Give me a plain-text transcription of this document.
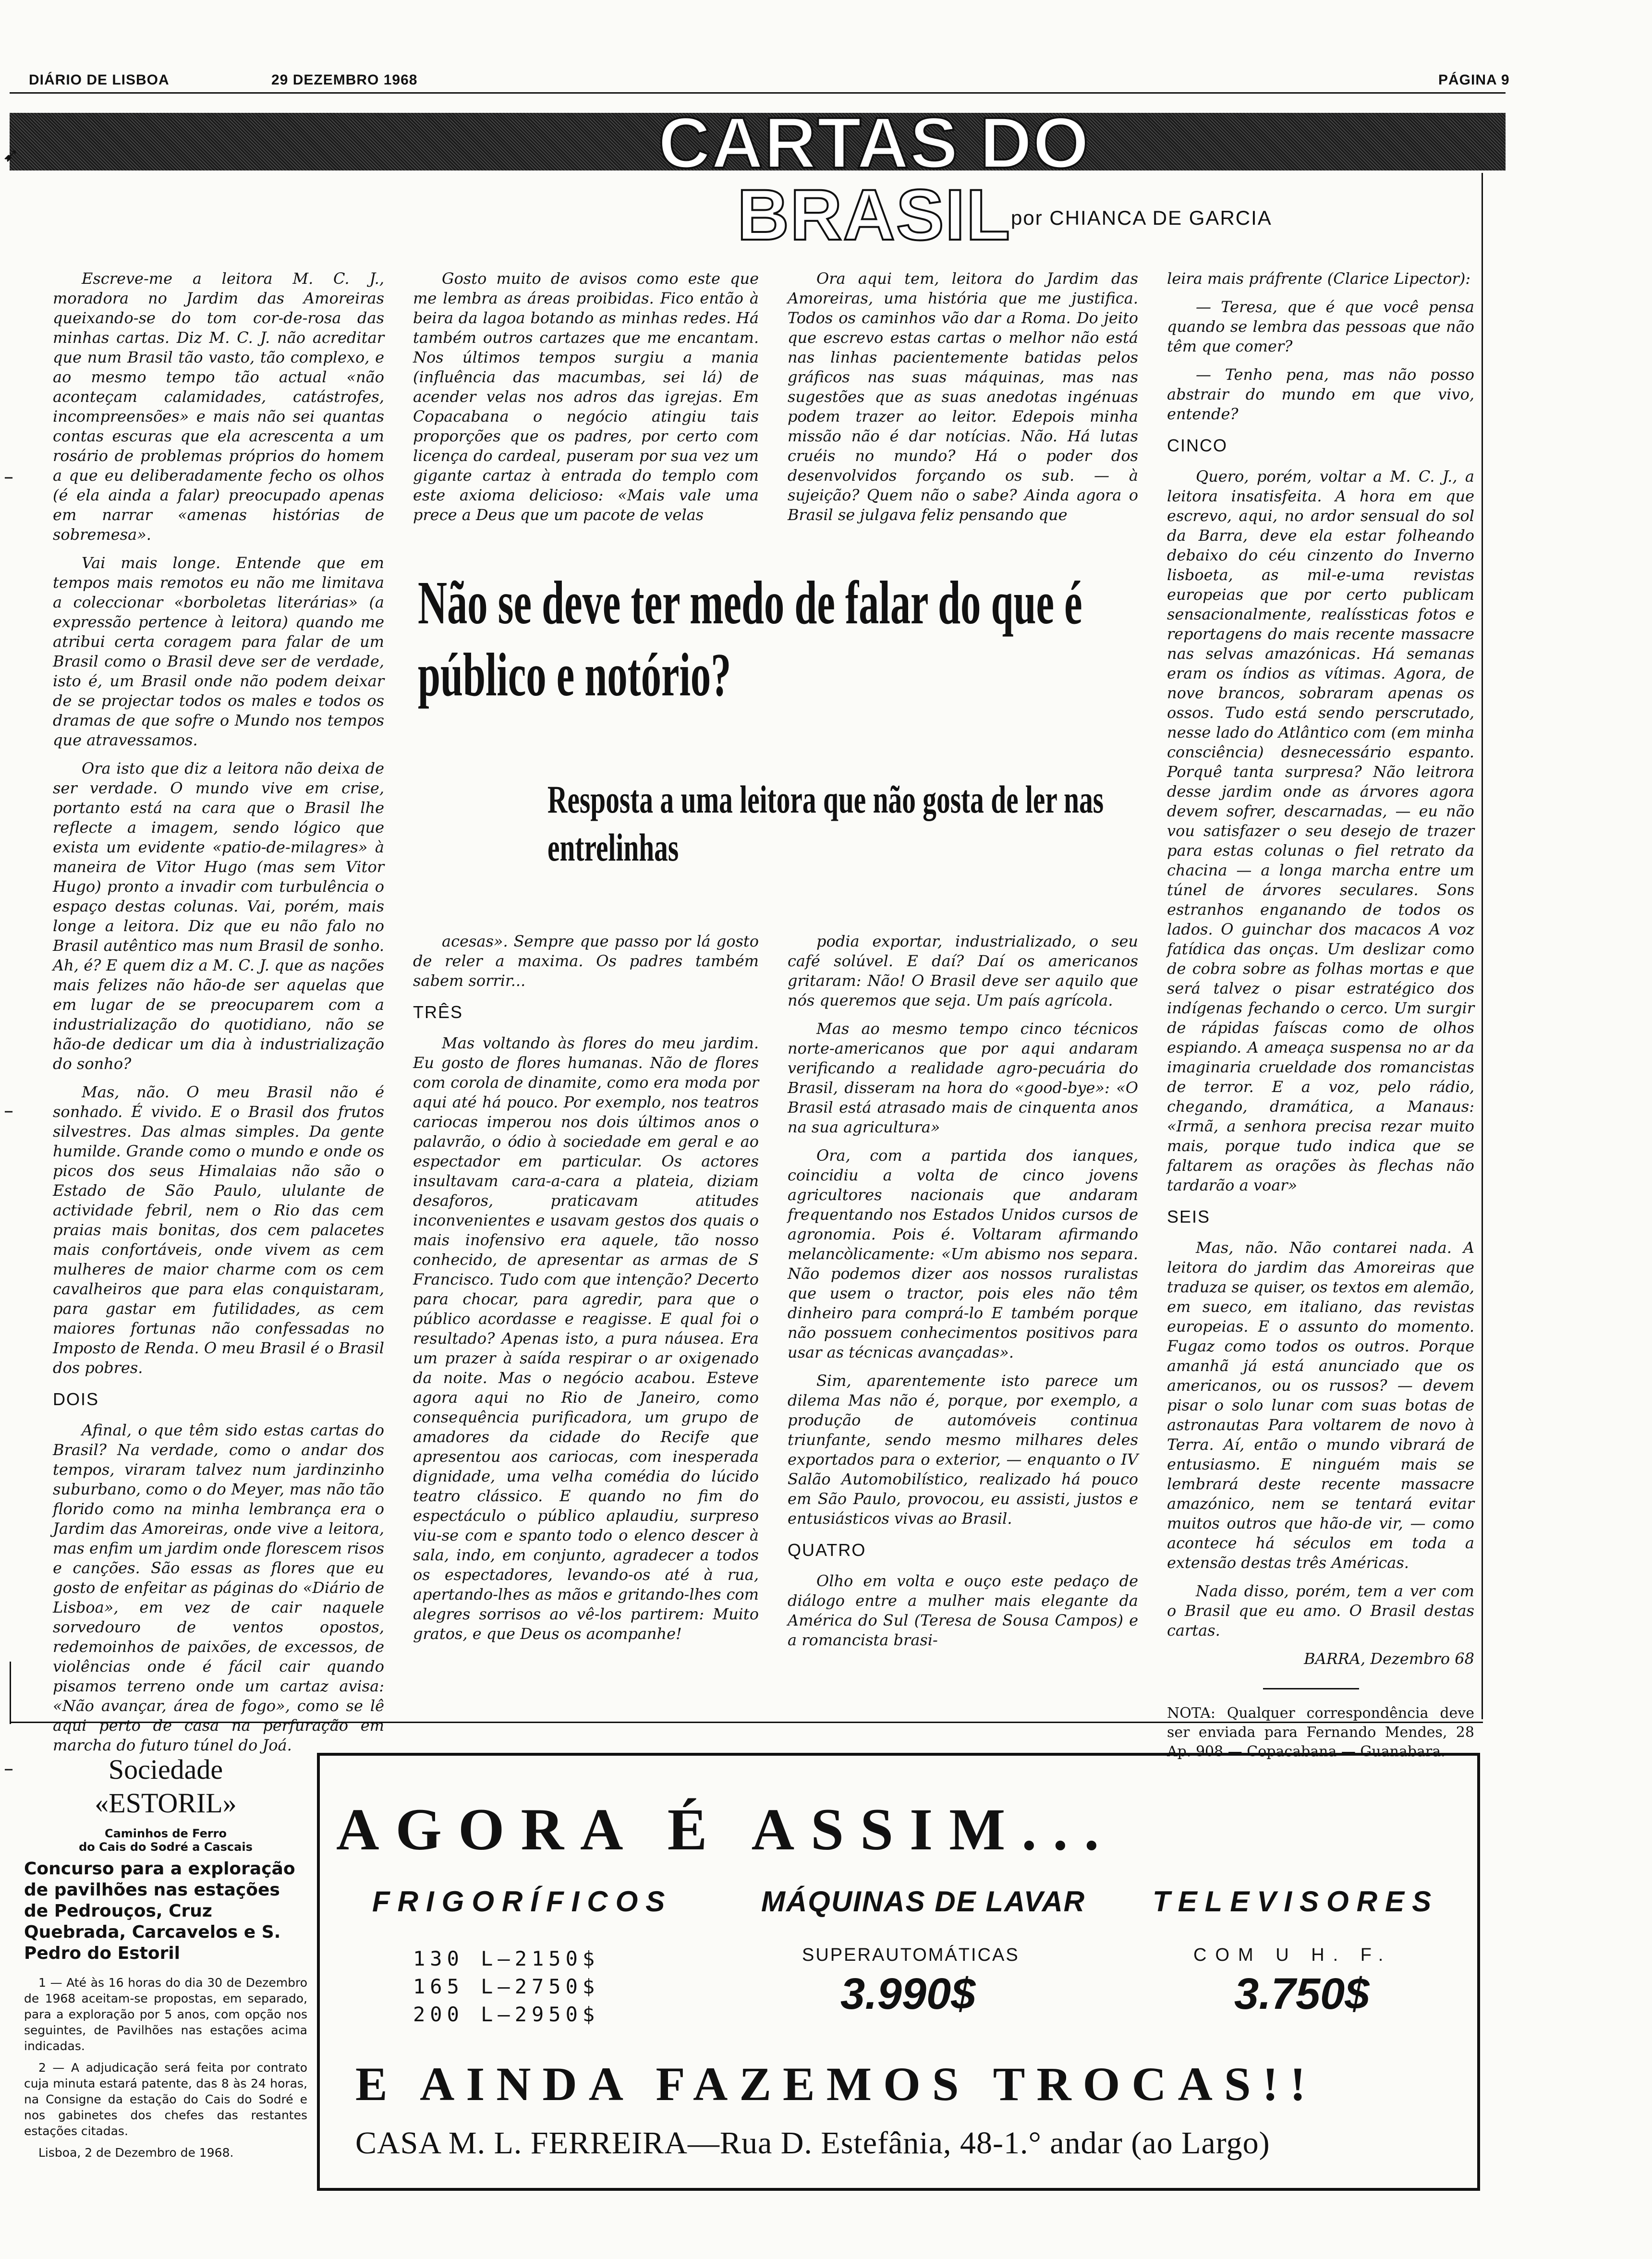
DIÁRIO DE LISBOA	29 DEZEMBRO 1968	PÁGINA 9
CARTAS DO BRASIL por CHIANCA DE GARCIA

Escreve-me a leitora M. C. J., moradora no Jardim das Amoreiras queixando-se do tom cor-de-rosa das minhas cartas. Diz M. C. J. não acreditar que num Brasil tão vasto, tão complexo, e ao mesmo tempo tão actual «não aconteçam calamidades, catástrofes, incompreensões» e mais não sei quantas contas escuras que ela acrescenta a um rosário de problemas próprios do homem a que eu deliberadamente fecho os olhos (é ela ainda a falar) preocupado apenas em narrar «amenas histórias de sobremesa».

Vai mais longe. Entende que em tempos mais remotos eu não me limitava a coleccionar «borboletas literárias» (a expressão pertence à leitora) quando me atribui certa coragem para falar de um Brasil como o Brasil deve ser de verdade, isto é, um Brasil onde não podem deixar de se projectar todos os males e todos os dramas de que sofre o Mundo nos tempos que atravessamos.

Ora isto que diz a leitora não deixa de ser verdade. O mundo vive em crise, portanto está na cara que o Brasil lhe reflecte a imagem, sendo lógico que exista um evidente «patio-de-milagres» à maneira de Vitor Hugo (mas sem Vitor Hugo) pronto a invadir com turbulência o espaço destas colunas. Vai, porém, mais longe a leitora. Diz que eu não falo no Brasil autêntico mas num Brasil de sonho. Ah, é? E quem diz a M. C. J. que as nações mais felizes não hão-de ser aquelas que em lugar de se preocuparem com a industrialização do quotidiano, não se hão-de dedicar um dia à industrialização do sonho?

Mas, não. O meu Brasil não é sonhado. É vivido. E o Brasil dos frutos silvestres. Das almas simples. Da gente humilde. Grande como o mundo e onde os picos dos seus Himalaias não são o Estado de São Paulo, ululante de actividade febril, nem o Rio das cem praias mais bonitas, dos cem palacetes mais confortáveis, onde vivem as cem mulheres de maior charme com os cem cavalheiros que para elas conquistaram, para gastar em futilidades, as cem maiores fortunas não confessadas no Imposto de Renda. O meu Brasil é o Brasil dos pobres.

DOIS

Afinal, o que têm sido estas cartas do Brasil? Na verdade, como o andar dos tempos, viraram talvez num jardinzinho suburbano, como o do Meyer, mas não tão florido como na minha lembrança era o Jardim das Amoreiras, onde vive a leitora, mas enfim um jardim onde florescem risos e canções. São essas as flores que eu gosto de enfeitar as páginas do «Diário de Lisboa», em vez de cair naquele sorvedouro de ventos opostos, redemoinhos de paixões, de excessos, de violências onde é fácil cair quando pisamos terreno onde um cartaz avisa: «Não avançar, área de fogo», como se lê aqui perto de casa na perfuração em marcha do futuro túnel do Joá.

Gosto muito de avisos como este que me lembra as áreas proibidas. Fico então à beira da lagoa botando as minhas redes. Há também outros cartazes que me encantam. Nos últimos tempos surgiu a mania (influência das macumbas, sei lá) de acender velas nos adros das igrejas. Em Copacabana o negócio atingiu tais proporções que os padres, por certo com licença do cardeal, puseram por sua vez um gigante cartaz à entrada do templo com este axioma delicioso: «Mais vale uma prece a Deus que um pacote de velas

Ora aqui tem, leitora do Jardim das Amoreiras, uma história que me justifica. Todos os caminhos vão dar a Roma. Do jeito que escrevo estas cartas o melhor não está nas linhas pacientemente batidas pelos gráficos nas suas máquinas, mas nas sugestões que as suas anedotas ingénuas podem trazer ao leitor. Edepois minha missão não é dar notícias. Não. Há lutas cruéis no mundo? Há o poder dos desenvolvidos forçando os sub. — à sujeição? Quem não o sabe? Ainda agora o Brasil se julgava feliz pensando que

Não se deve ter medo de falar do que é público e notório?
Resposta a uma leitora que não gosta de ler nas entrelinhas

acesas». Sempre que passo por lá gosto de reler a maxima. Os padres também sabem sorrir...

TRÊS

Mas voltando às flores do meu jardim. Eu gosto de flores humanas. Não de flores com corola de dinamite, como era moda por aqui até há pouco. Por exemplo, nos teatros cariocas imperou nos dois últimos anos o palavrão, o ódio à sociedade em geral e ao espectador em particular. Os actores insultavam cara-a-cara a plateia, diziam desaforos, praticavam atitudes inconvenientes e usavam gestos dos quais o mais inofensivo era aquele, tão nosso conhecido, de apresentar as armas de S Francisco. Tudo com que intenção? Decerto para chocar, para agredir, para que o público acordasse e reagisse. E qual foi o resultado? Apenas isto, a pura náusea. Era um prazer à saída respirar o ar oxigenado da noite. Mas o negócio acabou. Esteve agora aqui no Rio de Janeiro, como consequência purificadora, um grupo de amadores da cidade do Recife que apresentou aos cariocas, com inesperada dignidade, uma velha comédia do lúcido teatro clássico. E quando no fim do espectáculo o público aplaudiu, surpreso viu-se com e spanto todo o elenco descer à sala, indo, em conjunto, agradecer a todos os espectadores, levando-os até à rua, apertando-lhes as mãos e gritando-lhes com alegres sorrisos ao vê-los partirem: Muito gratos, e que Deus os acompanhe!

podia exportar, industrializado, o seu café solúvel. E daí? Daí os americanos gritaram: Não! O Brasil deve ser aquilo que nós queremos que seja. Um país agrícola.

Mas ao mesmo tempo cinco técnicos norte-americanos que por aqui andaram verificando a realidade agro-pecuária do Brasil, disseram na hora do «good-bye»: «O Brasil está atrasado mais de cinquenta anos na sua agricultura»

Ora, com a partida dos ianques, coincidiu a volta de cinco jovens agricultores nacionais que andaram frequentando nos Estados Unidos cursos de agronomia. Pois é. Voltaram afirmando melancòlicamente: «Um abismo nos separa. Não podemos dizer aos nossos ruralistas que usem o tractor, pois eles não têm dinheiro para comprá-lo E também porque não possuem conhecimentos positivos para usar as técnicas avançadas».

Sim, aparentemente isto parece um dilema Mas não é, porque, por exemplo, a produção de automóveis continua triunfante, sendo mesmo milhares deles exportados para o exterior, — enquanto o IV Salão Automobilístico, realizado há pouco em São Paulo, provocou, eu assisti, justos e entusiásticos vivas ao Brasil.

QUATRO

Olho em volta e ouço este pedaço de diálogo entre a mulher mais elegante da América do Sul (Teresa de Sousa Campos) e a romancista brasi-

leira mais práfrente (Clarice Lipector):

— Teresa, que é que você pensa quando se lembra das pessoas que não têm que comer?

— Tenho pena, mas não posso abstrair do mundo em que vivo, entende?

CINCO

Quero, porém, voltar a M. C. J., a leitora insatisfeita. A hora em que escrevo, aqui, no ardor sensual do sol da Barra, deve ela estar folheando debaixo do céu cinzento do Inverno lisboeta, as mil-e-uma revistas europeias que por certo publicam sensacionalmente, realíssticas fotos e reportagens do mais recente massacre nas selvas amazónicas. Há semanas eram os índios as vítimas. Agora, de nove brancos, sobraram apenas os ossos. Tudo está sendo perscrutado, nesse lado do Atlântico com (em minha consciência) desnecessário espanto. Porquê tanta surpresa? Não leitrora desse jardim onde as árvores agora devem sofrer, descarnadas, — eu não vou satisfazer o seu desejo de trazer para estas colunas o fiel retrato da chacina — a longa marcha entre um túnel de árvores seculares. Sons estranhos enganando de todos os lados. O guinchar dos macacos A voz fatídica das onças. Um deslizar como de cobra sobre as folhas mortas e que será talvez o pisar estratégico dos indígenas fechando o cerco. Um surgir de rápidas faíscas como de olhos espiando. A ameaça suspensa no ar da imaginaria crueldade dos romancistas de terror. E a voz, pelo rádio, chegando, dramática, a Manaus: «Irmã, a senhora precisa rezar muito mais, porque tudo indica que se faltarem as orações às flechas não tardarão a voar»

SEIS

Mas, não. Não contarei nada. A leitora do jardim das Amoreiras que traduza se quiser, os textos em alemão, em sueco, em italiano, das revistas europeias. E o assunto do momento. Fugaz como todos os outros. Porque amanhã já está anunciado que os americanos, ou os russos? — devem pisar o solo lunar com suas botas de astronautas Para voltarem de novo à Terra. Aí, então o mundo vibrará de entusiasmo. E ninguém mais se lembrará deste recente massacre amazónico, nem se tentará evitar muitos outros que hão-de vir, — como acontece há séculos em toda a extensão destas três Américas.

Nada disso, porém, tem a ver com o Brasil que eu amo. O Brasil destas cartas.

BARRA, Dezembro 68
NOTA: Qualquer correspondência deve ser enviada para Fernando Mendes, 28 Ap. 908 — Copacabana — Guanabara.
Sociedade
«ESTORIL»
Caminhos de Ferro
do Cais do Sodré a Cascais
Concurso para a exploração de pavilhões nas estações de Pedrouços, Cruz Quebrada, Carcavelos e S. Pedro do Estoril
1 — Até às 16 horas do dia 30 de Dezembro de 1968 aceitam-se propostas, em separado, para a exploração por 5 anos, com opção nos seguintes, de Pavilhões nas estações acima indicadas.
2 — A adjudicação será feita por contrato cuja minuta estará patente, das 8 às 24 horas, na Consigne da estação do Cais do Sodré e nos gabinetes dos chefes das restantes estações citadas.
Lisboa, 2 de Dezembro de 1968.
AGORA É ASSIM...
FRIGORÍFICOS	MÁQUINAS DE LAVAR TELEVISORES
130 L—2150$
165 L—2750$
200 L—2950$
SUPERAUTOMÁTICAS
3.990$
COM U H. F.
3.750$
E AINDA FAZEMOS TROCAS!!
CASA M. L. FERREIRA—Rua D. Estefânia, 48-1.° andar (ao Largo)
➹
–
–
–
